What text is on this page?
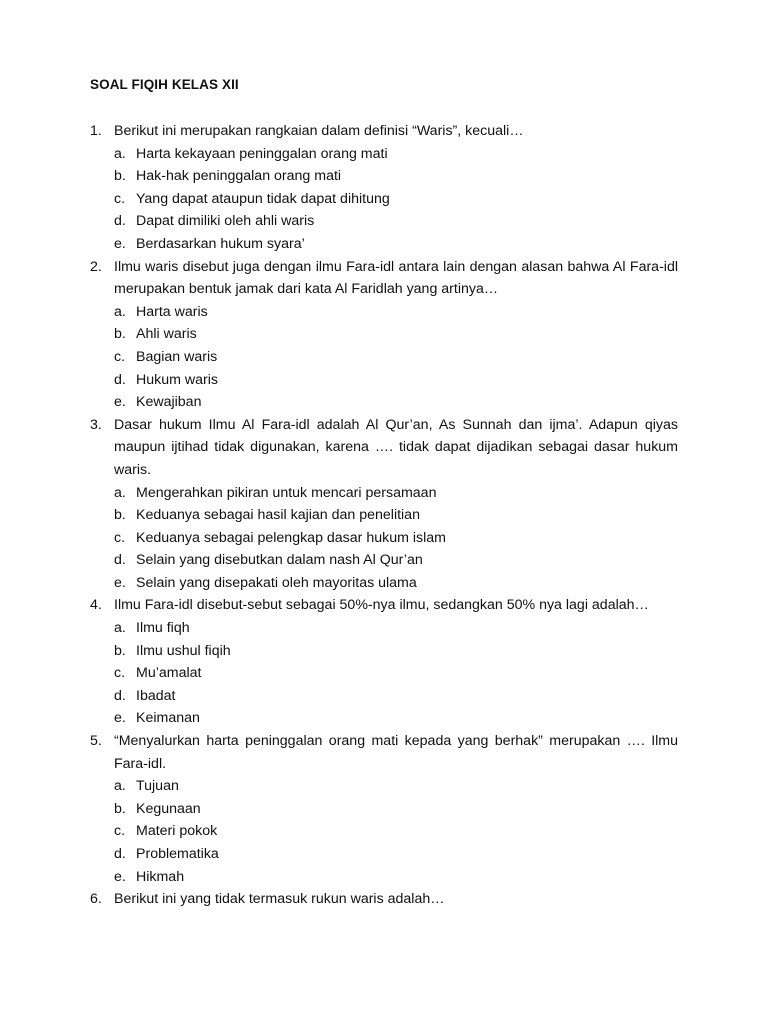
SOAL FIQIH KELAS XII
1. Berikut ini merupakan rangkaian dalam definisi “Waris”, kecuali…
a. Harta kekayaan peninggalan orang mati
b. Hak-hak peninggalan orang mati
c. Yang dapat ataupun tidak dapat dihitung
d. Dapat dimiliki oleh ahli waris
e. Berdasarkan hukum syara’
2. Ilmu waris disebut juga dengan ilmu Fara-idl antara lain dengan alasan bahwa Al Fara-idl merupakan bentuk jamak dari kata Al Faridlah yang artinya…
a. Harta waris
b. Ahli waris
c. Bagian waris
d. Hukum waris
e. Kewajiban
3. Dasar hukum Ilmu Al Fara-idl adalah Al Qur’an, As Sunnah dan ijma’. Adapun qiyas maupun ijtihad tidak digunakan, karena …. tidak dapat dijadikan sebagai dasar hukum waris.
a. Mengerahkan pikiran untuk mencari persamaan
b. Keduanya sebagai hasil kajian dan penelitian
c. Keduanya sebagai pelengkap dasar hukum islam
d. Selain yang disebutkan dalam nash Al Qur’an
e. Selain yang disepakati oleh mayoritas ulama
4. Ilmu Fara-idl disebut-sebut sebagai 50%-nya ilmu, sedangkan 50% nya lagi adalah…
a. Ilmu fiqh
b. Ilmu ushul fiqih
c. Mu’amalat
d. Ibadat
e. Keimanan
5. “Menyalurkan harta peninggalan orang mati kepada yang berhak” merupakan …. Ilmu Fara-idl.
a. Tujuan
b. Kegunaan
c. Materi pokok
d. Problematika
e. Hikmah
6. Berikut ini yang tidak termasuk rukun waris adalah…
